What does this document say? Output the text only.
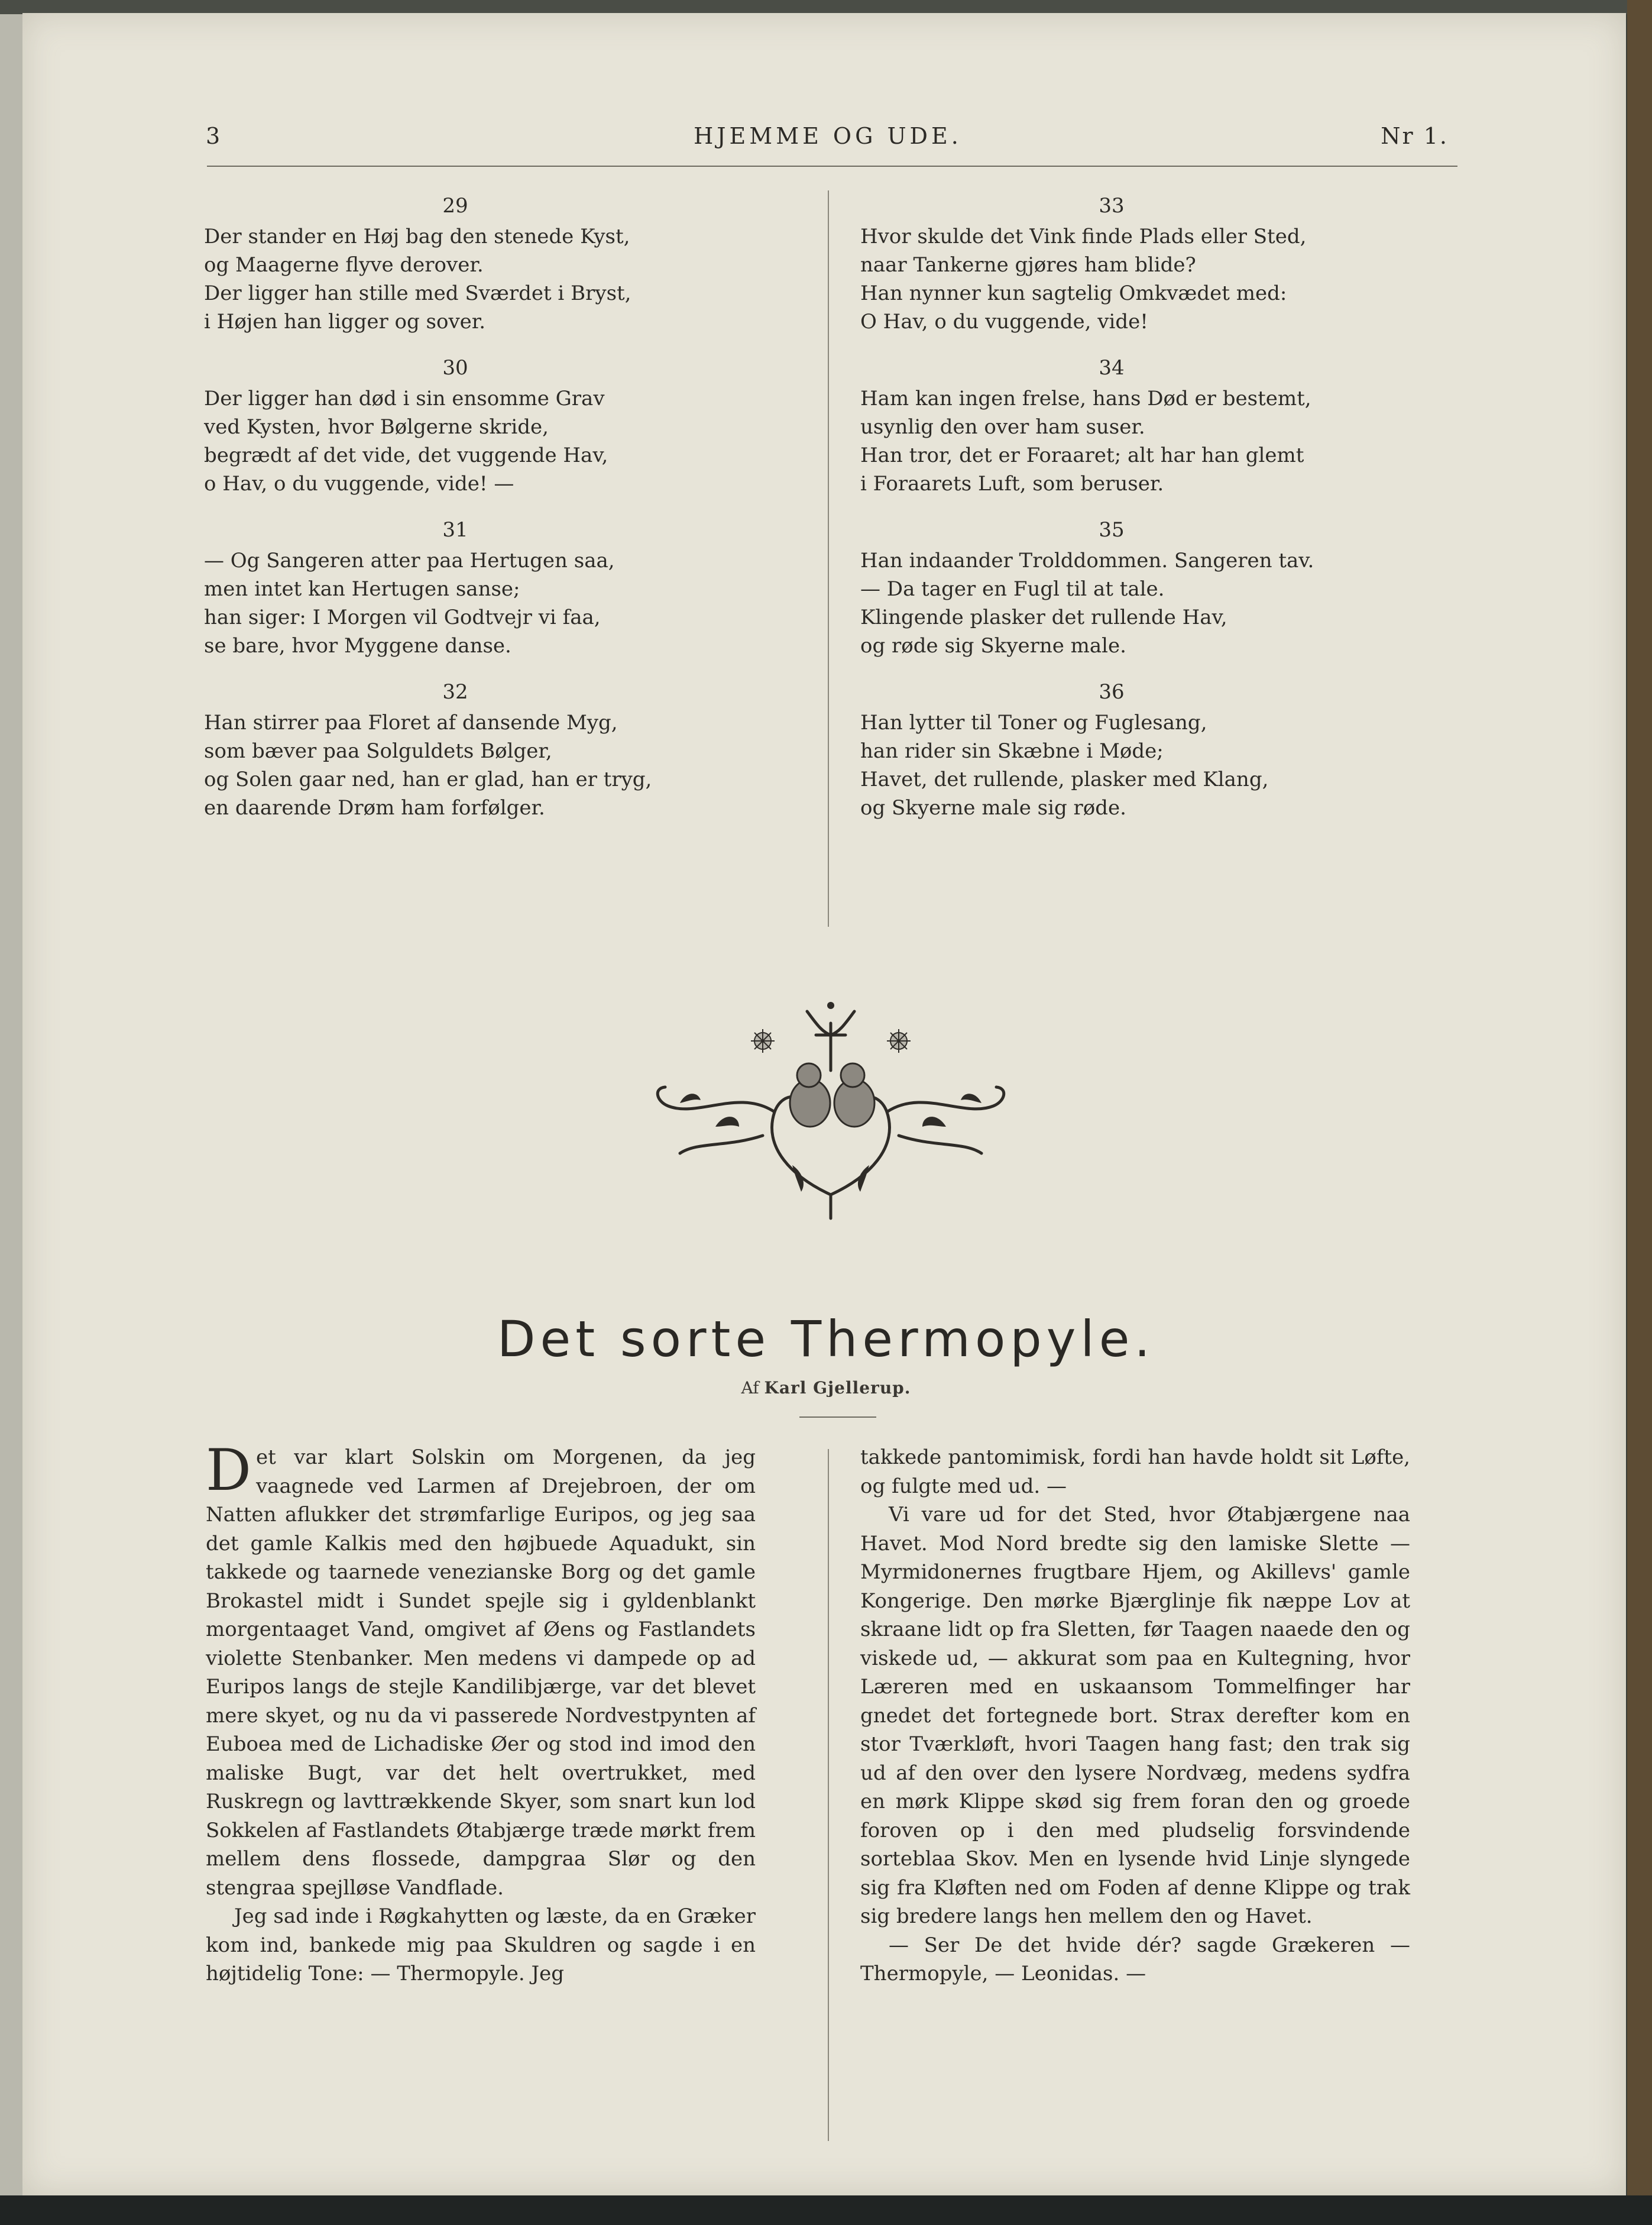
3	HJEMME OG UDE.	Nr 1.
29
Der stander en Høj bag den stenede Kyst,
og Maagerne flyve derover.
Der ligger han stille med Sværdet i Bryst,
i Højen han ligger og sover.
30
Der ligger han død i sin ensomme Grav
ved Kysten, hvor Bølgerne skride,
begrædt af det vide, det vuggende Hav,
o Hav, o du vuggende, vide! —
31
— Og Sangeren atter paa Hertugen saa,
men intet kan Hertugen sanse;
han siger: I Morgen vil Godtvejr vi faa,
se bare, hvor Myggene danse.
32
Han stirrer paa Floret af dansende Myg,
som bæver paa Solguldets Bølger,
og Solen gaar ned, han er glad, han er tryg,
en daarende Drøm ham forfølger.
33
Hvor skulde det Vink finde Plads eller Sted,
naar Tankerne gjøres ham blide?
Han nynner kun sagtelig Omkvædet med:
O Hav, o du vuggende, vide!
34
Ham kan ingen frelse, hans Død er bestemt,
usynlig den over ham suser.
Han tror, det er Foraaret; alt har han glemt
i Foraarets Luft, som beruser.
35
Han indaander Trolddommen. Sangeren tav.
— Da tager en Fugl til at tale.
Klingende plasker det rullende Hav,
og røde sig Skyerne male.
36
Han lytter til Toner og Fuglesang,
han rider sin Skæbne i Møde;
Havet, det rullende, plasker med Klang,
og Skyerne male sig røde.
Det sorte Thermopyle.
Af Karl Gjellerup.

Det var klart Solskin om Morgenen, da jeg vaagnede ved Larmen af Drejebroen, der om Natten aflukker det strømfarlige Euripos, og jeg saa det gamle Kalkis med den højbuede Aquadukt, sin takkede og taarnede venezianske Borg og det gamle Brokastel midt i Sundet spejle sig i gyldenblankt morgentaaget Vand, omgivet af Øens og Fastlandets violette Stenbanker. Men medens vi dampede op ad Euripos langs de stejle Kandilibjærge, var det blevet mere skyet, og nu da vi passerede Nordvestpynten af Euboea med de Lichadiske Øer og stod ind imod den maliske Bugt, var det helt overtrukket, med Ruskregn og lavttrækkende Skyer, som snart kun lod Sokkelen af Fastlandets Øtabjærge træde mørkt frem mellem dens flossede, dampgraa Slør og den stengraa spejlløse Vandflade.

Jeg sad inde i Røgkahytten og læste, da en Græker kom ind, bankede mig paa Skuldren og sagde i en højtidelig Tone: — Thermopyle. Jeg

takkede pantomimisk, fordi han havde holdt sit Løfte, og fulgte med ud. —

Vi vare ud for det Sted, hvor Øtabjærgene naa Havet. Mod Nord bredte sig den lamiske Slette — Myrmidonernes frugtbare Hjem, og Akillevs' gamle Kongerige. Den mørke Bjærglinje fik næppe Lov at skraane lidt op fra Sletten, før Taagen naaede den og viskede ud, — akkurat som paa en Kultegning, hvor Læreren med en uskaansom Tommelfinger har gnedet det fortegnede bort. Strax derefter kom en stor Tværkløft, hvori Taagen hang fast; den trak sig ud af den over den lysere Nordvæg, medens sydfra en mørk Klippe skød sig frem foran den og groede foroven op i den med pludselig forsvindende sorteblaa Skov. Men en lysende hvid Linje slyngede sig fra Kløften ned om Foden af denne Klippe og trak sig bredere langs hen mellem den og Havet.

— Ser De det hvide dér? sagde Grækeren — Thermopyle, — Leonidas. —
